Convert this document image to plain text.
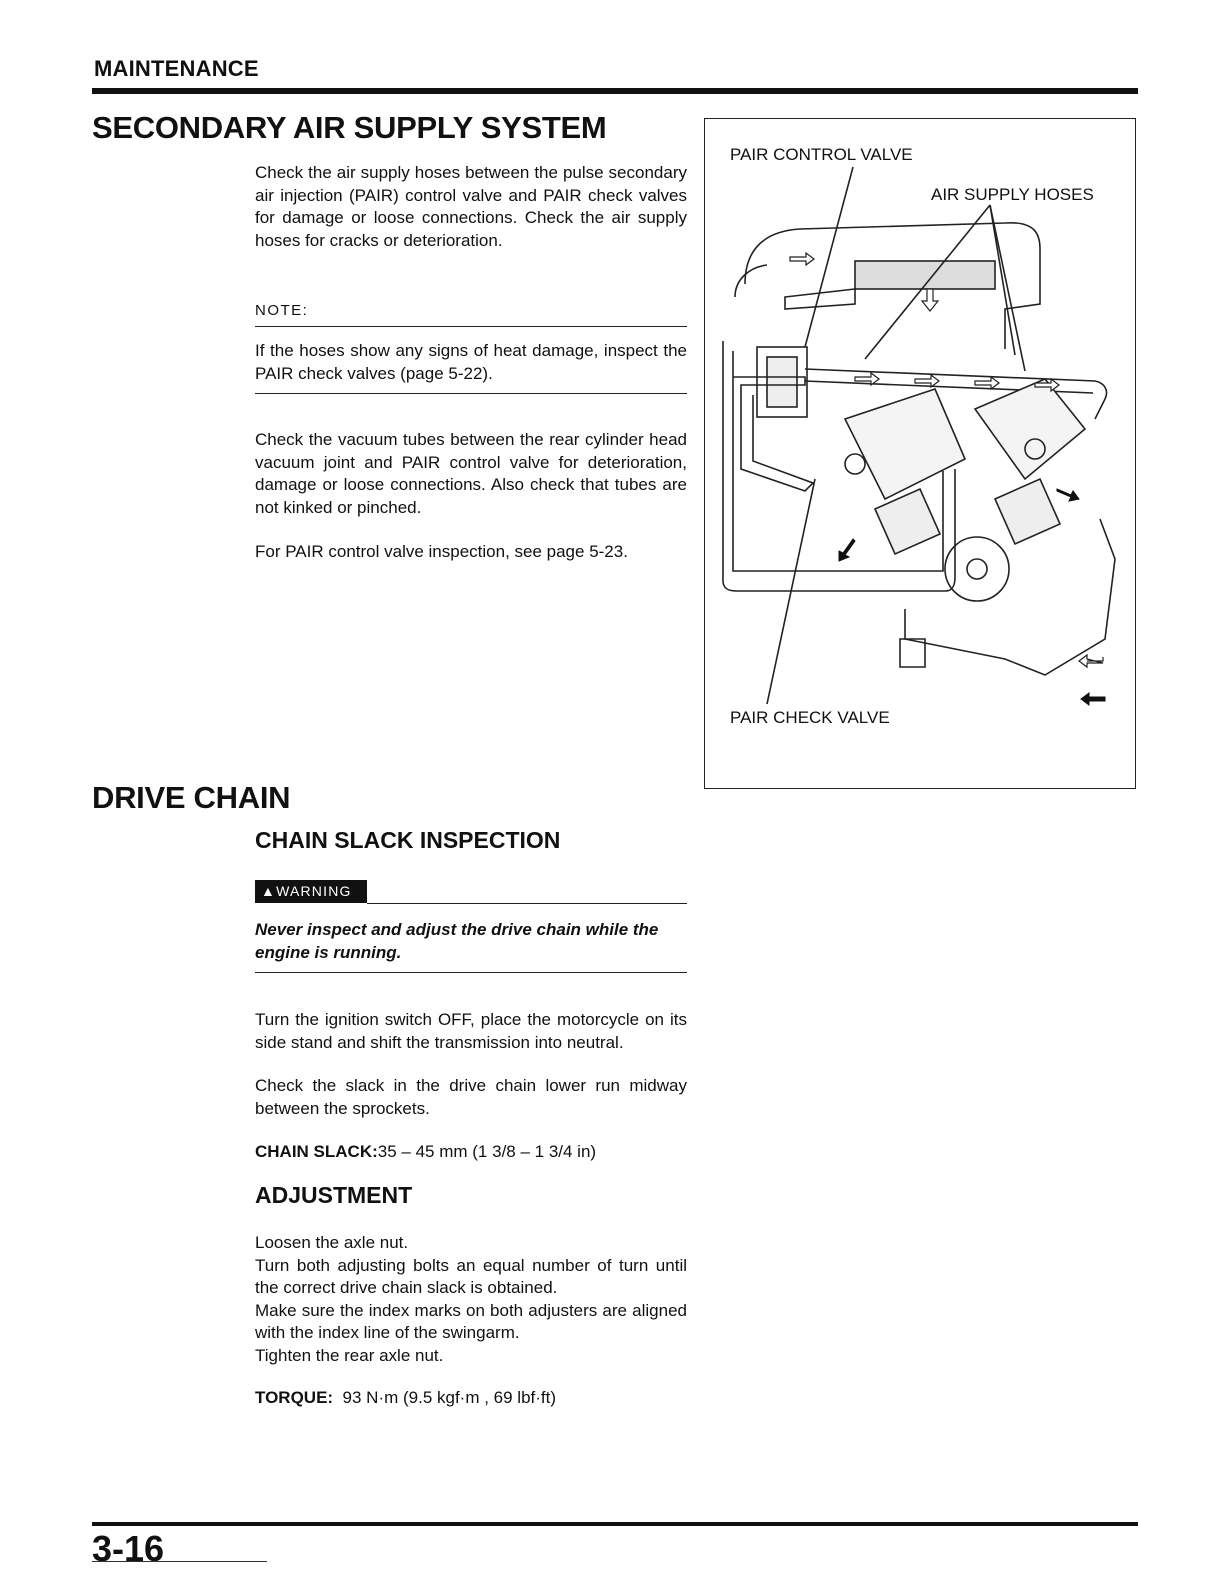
MAINTENANCE
SECONDARY AIR SUPPLY SYSTEM
Check the air supply hoses between the pulse secondary air injection (PAIR) control valve and PAIR check valves for damage or loose connections. Check the air supply hoses for cracks or deterioration.
NOTE:
If the hoses show any signs of heat damage, inspect the PAIR check valves (page 5-22).
Check the vacuum tubes between the rear cylinder head vacuum joint and PAIR control valve for deterioration, damage or loose connections. Also check that tubes are not kinked or pinched.
For PAIR control valve inspection, see page 5-23.
PAIR CONTROL VALVE
AIR SUPPLY HOSES
PAIR CHECK VALVE
DRIVE CHAIN
CHAIN SLACK INSPECTION
▲WARNING
Never inspect and adjust the drive chain while the engine is running.
Turn the ignition switch OFF, place the motorcycle on its side stand and shift the transmission into neutral.
Check the slack in the drive chain lower run midway between the sprockets.
CHAIN SLACK:35 – 45 mm (1 3/8 – 1 3/4 in)
ADJUSTMENT
Loosen the axle nut.
Turn both adjusting bolts an equal number of turn until the correct drive chain slack is obtained.
Make sure the index marks on both adjusters are aligned with the index line of the swingarm.
Tighten the rear axle nut.
TORQUE: 93 N·m (9.5 kgf·m , 69 lbf·ft)
3-16
